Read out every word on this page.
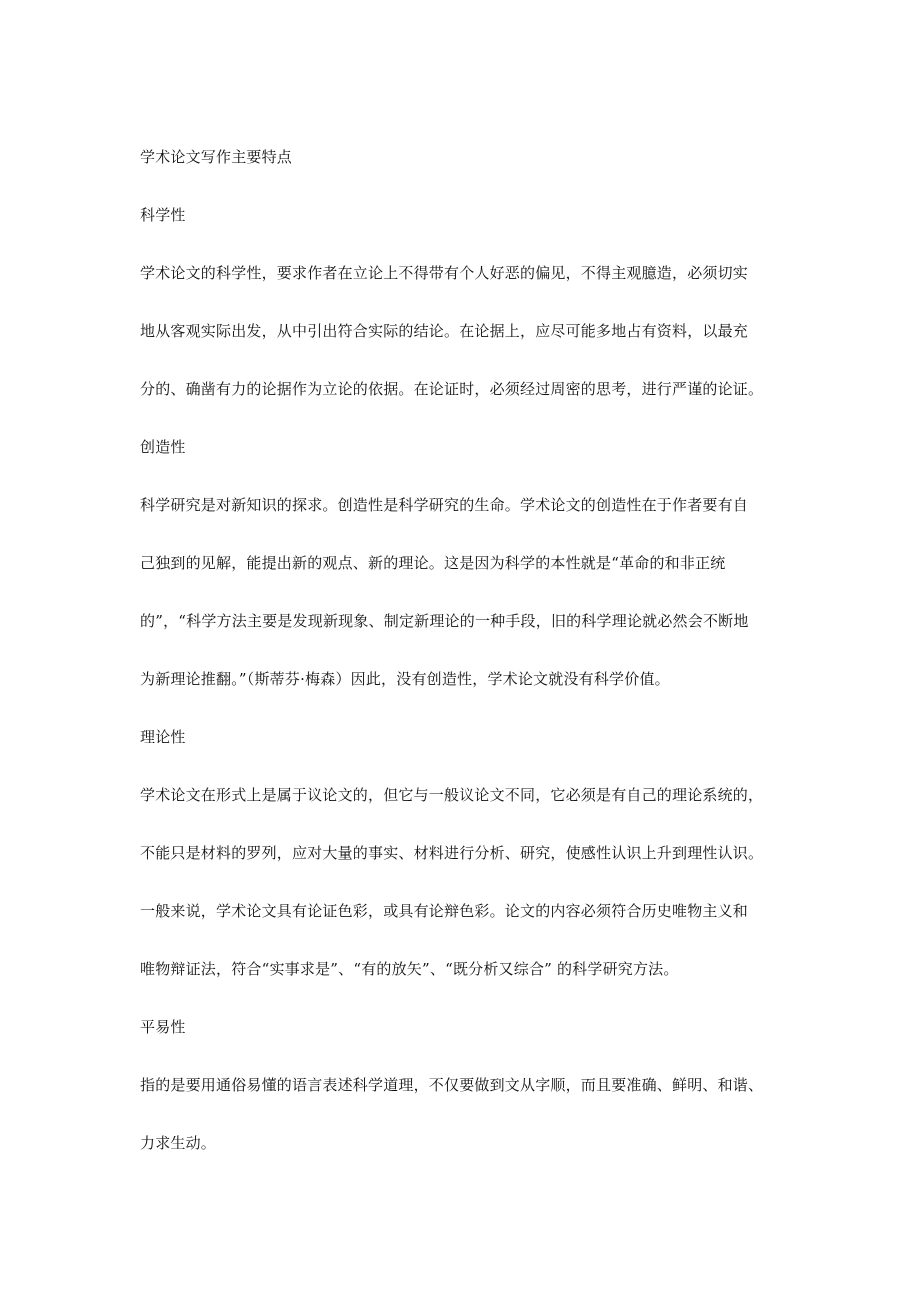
学术论文写作主要特点
科学性
学术论文的科学性，要求作者在立论上不得带有个人好恶的偏见，不得主观臆造，必须切实
地从客观实际出发，从中引出符合实际的结论。在论据上，应尽可能多地占有资料，以最充
分的、确凿有力的论据作为立论的依据。在论证时，必须经过周密的思考，进行严谨的论证。
创造性
科学研究是对新知识的探求。创造性是科学研究的生命。学术论文的创造性在于作者要有自
己独到的见解，能提出新的观点、新的理论。这是因为科学的本性就是“革命的和非正统
的”，“科学方法主要是发现新现象、制定新理论的一种手段，旧的科学理论就必然会不断地
为新理论推翻。”（斯蒂芬·梅森）因此，没有创造性，学术论文就没有科学价值。
理论性
学术论文在形式上是属于议论文的，但它与一般议论文不同，它必须是有自己的理论系统的，
不能只是材料的罗列，应对大量的事实、材料进行分析、研究，使感性认识上升到理性认识。
一般来说，学术论文具有论证色彩，或具有论辩色彩。论文的内容必须符合历史唯物主义和
唯物辩证法，符合“实事求是”、“有的放矢”、“既分析又综合” 的科学研究方法。
平易性
指的是要用通俗易懂的语言表述科学道理，不仅要做到文从字顺，而且要准确、鲜明、和谐、
力求生动。
